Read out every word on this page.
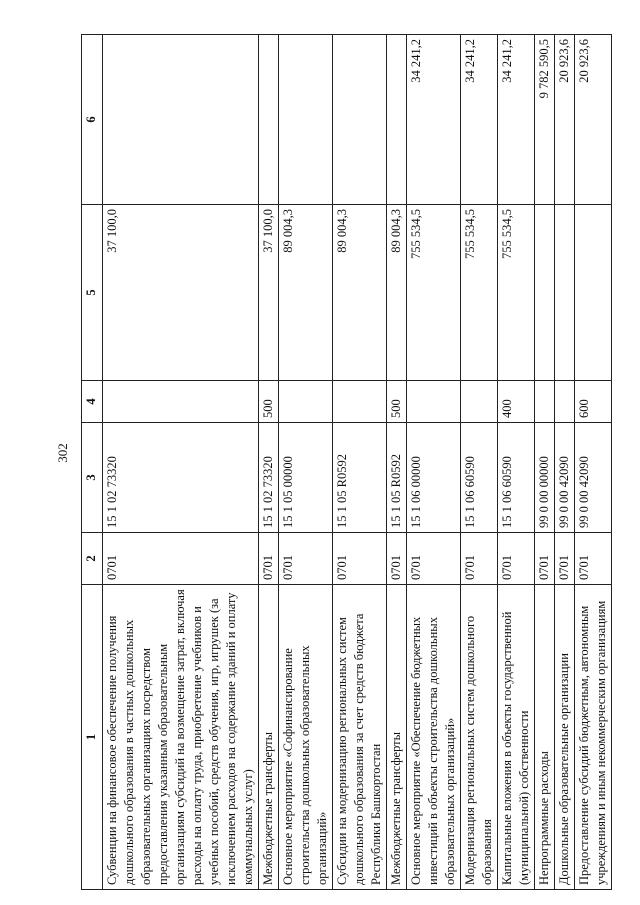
302
1	2	3	4	5	6
Субвенции на финансовое обеспечение получения дошкольного образования в частных дошкольных образовательных организациях посредством предоставления указанным образовательным организациям субсидий на возмещение затрат, включая расходы на оплату труда, приобретение учебников и учебных пособий, средств обучения, игр, игрушек (за исключением расходов на содержание зданий и оплату коммунальных услуг)	0701	15 1 02 73320		37 100,0	
Межбюджетные трансферты	0701	15 1 02 73320	500	37 100,0	
Основное мероприятие «Софинансирование строительства дошкольных образовательных организаций»	0701	15 1 05 00000		89 004,3	
Субсидии на модернизацию региональных систем дошкольного образования за счет средств бюджета Республики Башкортостан	0701	15 1 05 R0592		89 004,3	
Межбюджетные трансферты	0701	15 1 05 R0592	500	89 004,3	
Основное мероприятие «Обеспечение бюджетных инвестиций в объекты строительства дошкольных образовательных организаций»	0701	15 1 06 00000		755 534,5	34 241,2
Модернизация региональных систем дошкольного образования	0701	15 1 06 60590		755 534,5	34 241,2
Капитальные вложения в объекты государственной (муниципальной) собственности	0701	15 1 06 60590	400	755 534,5	34 241,2
Непрограммные расходы	0701	99 0 00 00000			9 782 590,5
Дошкольные образовательные организации	0701	99 0 00 42090			20 923,6
Предоставление субсидий бюджетным, автономным учреждениям и иным некоммерческим организациям	0701	99 0 00 42090	600		20 923,6
